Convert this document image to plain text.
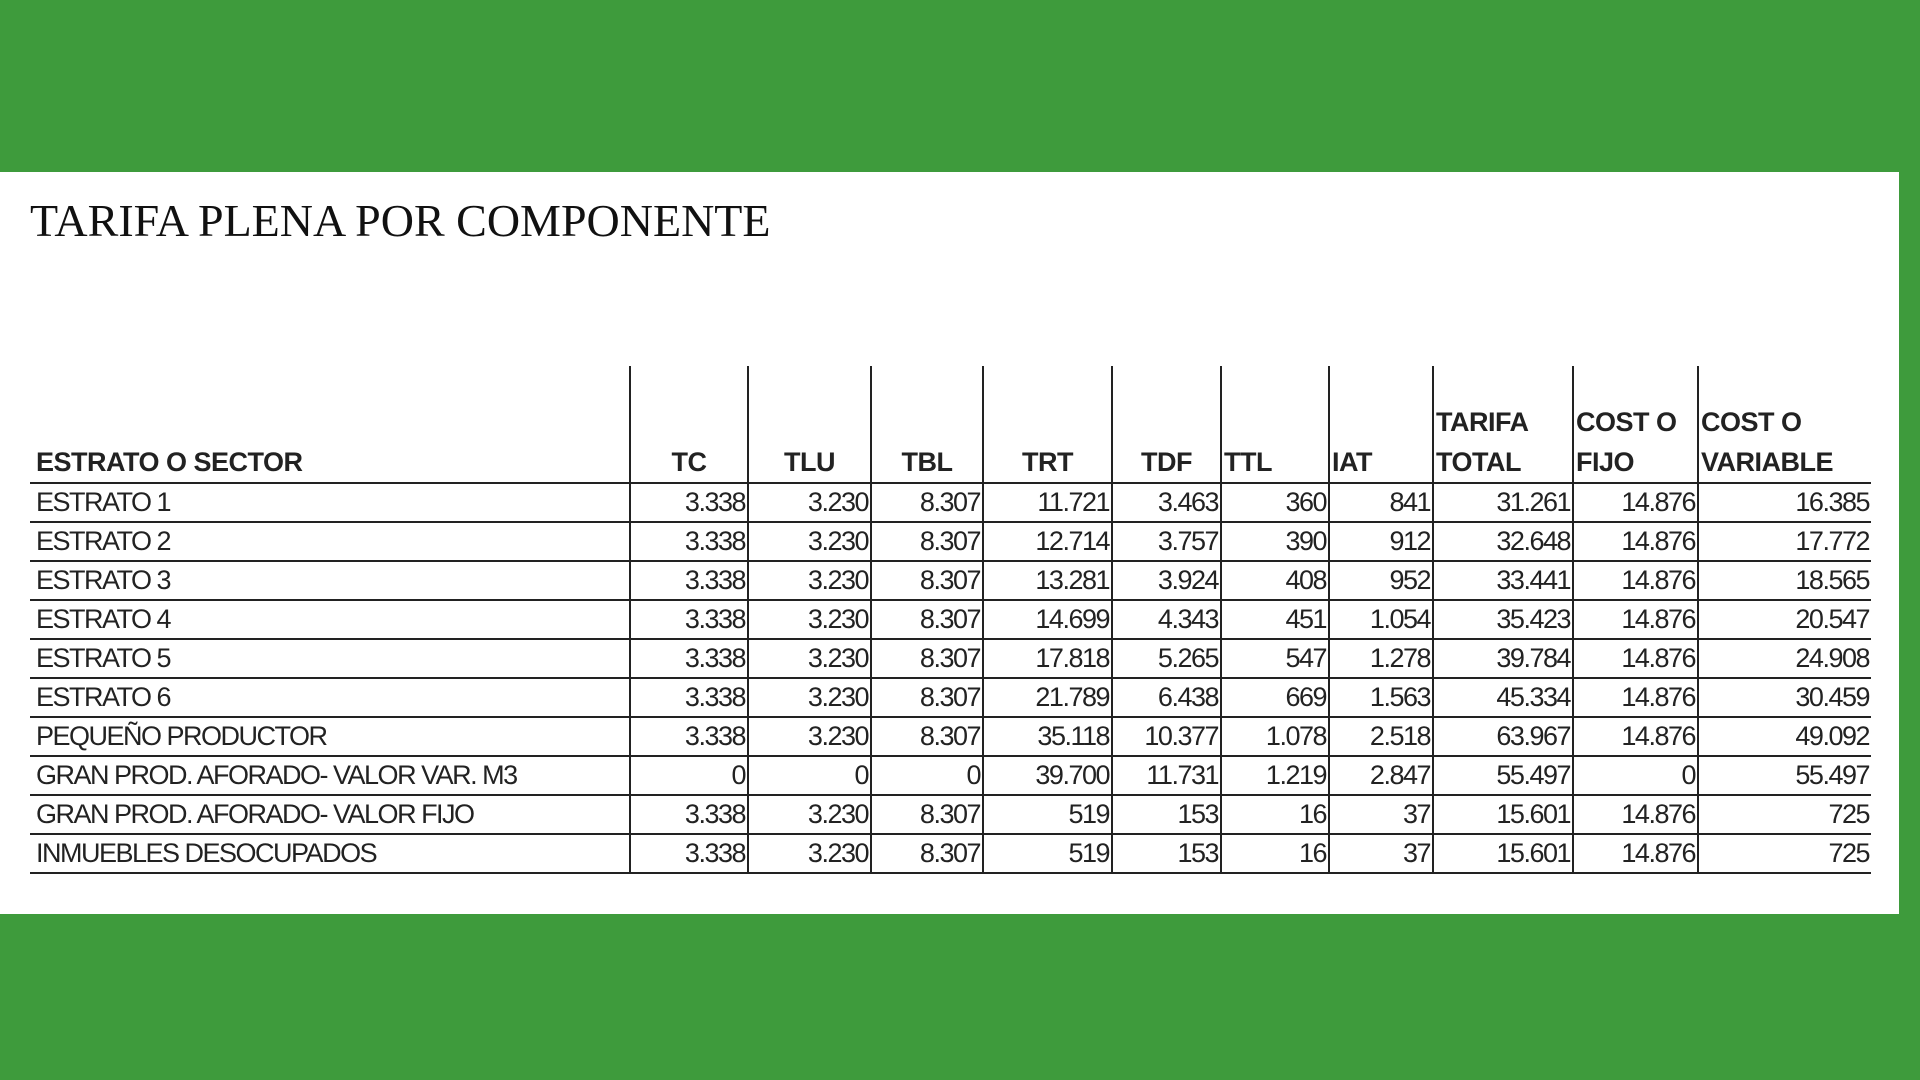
TARIFA PLENA POR COMPONENTE
ESTRATO O SECTOR	TC	TLU	TBL	TRT	TDF	TTL	IAT	TARIFA TOTAL	COST O FIJO	COST O VARIABLE
ESTRATO 1	3.338	3.230	8.307	11.721	3.463	360	841	31.261	14.876	16.385
ESTRATO 2	3.338	3.230	8.307	12.714	3.757	390	912	32.648	14.876	17.772
ESTRATO 3	3.338	3.230	8.307	13.281	3.924	408	952	33.441	14.876	18.565
ESTRATO 4	3.338	3.230	8.307	14.699	4.343	451	1.054	35.423	14.876	20.547
ESTRATO 5	3.338	3.230	8.307	17.818	5.265	547	1.278	39.784	14.876	24.908
ESTRATO 6	3.338	3.230	8.307	21.789	6.438	669	1.563	45.334	14.876	30.459
PEQUEÑO PRODUCTOR	3.338	3.230	8.307	35.118	10.377	1.078	2.518	63.967	14.876	49.092
GRAN PROD. AFORADO- VALOR VAR. M3	0	0	0	39.700	11.731	1.219	2.847	55.497	0	55.497
GRAN PROD. AFORADO- VALOR FIJO	3.338	3.230	8.307	519	153	16	37	15.601	14.876	725
INMUEBLES DESOCUPADOS	3.338	3.230	8.307	519	153	16	37	15.601	14.876	725
